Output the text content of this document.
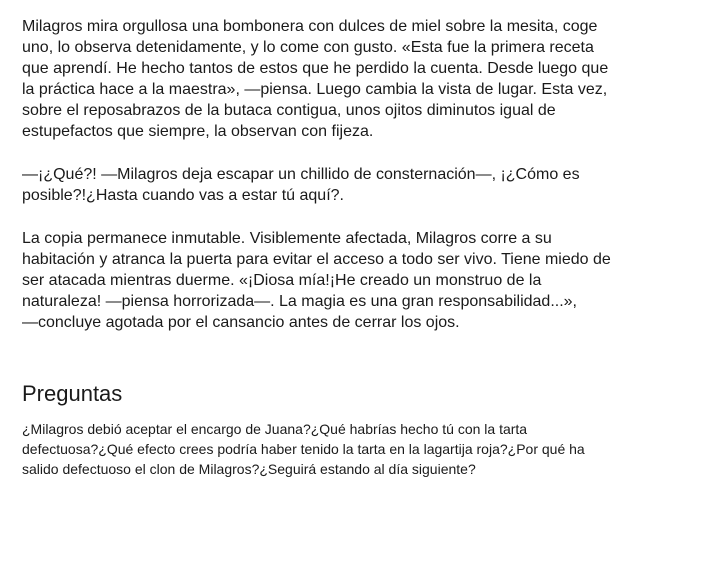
Milagros mira orgullosa una bombonera con dulces de miel sobre la mesita, coge
uno, lo observa detenidamente, y lo come con gusto. «Esta fue la primera receta
que aprendí. He hecho tantos de estos que he perdido la cuenta. Desde luego que
la práctica hace a la maestra», —piensa. Luego cambia la vista de lugar. Esta vez,
sobre el reposabrazos de la butaca contigua, unos ojitos diminutos igual de
estupefactos que siempre, la observan con fijeza.

—¡¿Qué?! —Milagros deja escapar un chillido de consternación—, ¡¿Cómo es
posible?!¿Hasta cuando vas a estar tú aquí?.

La copia permanece inmutable. Visiblemente afectada, Milagros corre a su
habitación y atranca la puerta para evitar el acceso a todo ser vivo. Tiene miedo de
ser atacada mientras duerme. «¡Diosa mía!¡He creado un monstruo de la
naturaleza! —piensa horrorizada—. La magia es una gran responsabilidad...»,
—concluye agotada por el cansancio antes de cerrar los ojos.

Preguntas

¿Milagros debió aceptar el encargo de Juana?¿Qué habrías hecho tú con la tarta
defectuosa?¿Qué efecto crees podría haber tenido la tarta en la lagartija roja?¿Por qué ha
salido defectuoso el clon de Milagros?¿Seguirá estando al día siguiente?
